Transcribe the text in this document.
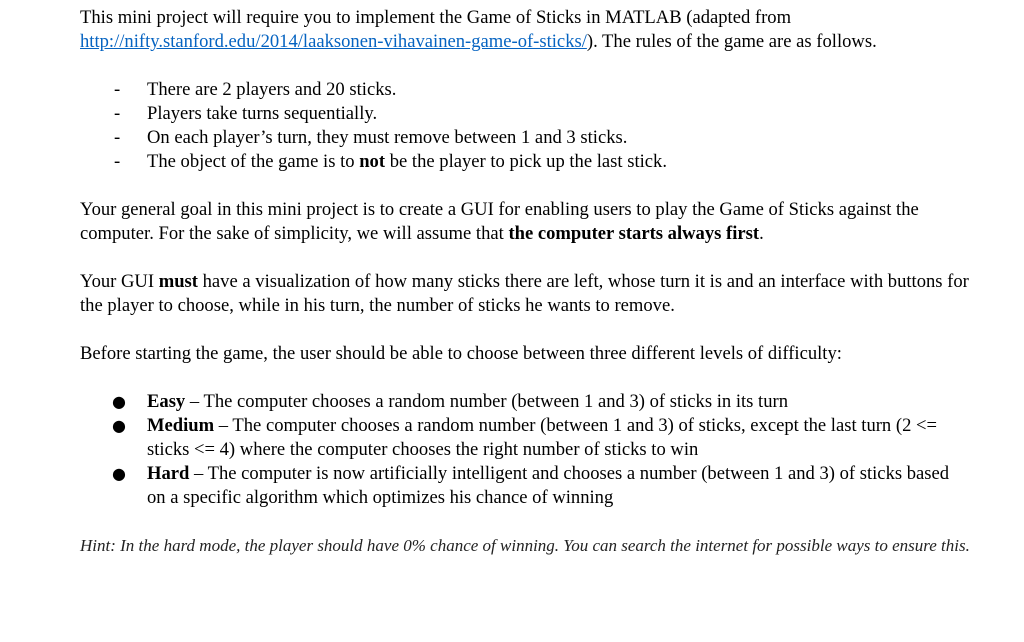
This mini project will require you to implement the Game of Sticks in MATLAB (adapted from http://nifty.stanford.edu/2014/laaksonen-vihavainen-game-of-sticks/). The rules of the game are as follows.

- There are 2 players and 20 sticks.
- Players take turns sequentially.
- On each player’s turn, they must remove between 1 and 3 sticks.
- The object of the game is to not be the player to pick up the last stick.

Your general goal in this mini project is to create a GUI for enabling users to play the Game of Sticks against the computer. For the sake of simplicity, we will assume that the computer starts always first.

Your GUI must have a visualization of how many sticks there are left, whose turn it is and an interface with buttons for the player to choose, while in his turn, the number of sticks he wants to remove.

Before starting the game, the user should be able to choose between three different levels of difficulty:

● Easy – The computer chooses a random number (between 1 and 3) of sticks in its turn
● Medium – The computer chooses a random number (between 1 and 3) of sticks, except the last turn (2 <= sticks <= 4) where the computer chooses the right number of sticks to win
● Hard – The computer is now artificially intelligent and chooses a number (between 1 and 3) of sticks based on a specific algorithm which optimizes his chance of winning

Hint: In the hard mode, the player should have 0% chance of winning. You can search the internet for possible ways to ensure this.
